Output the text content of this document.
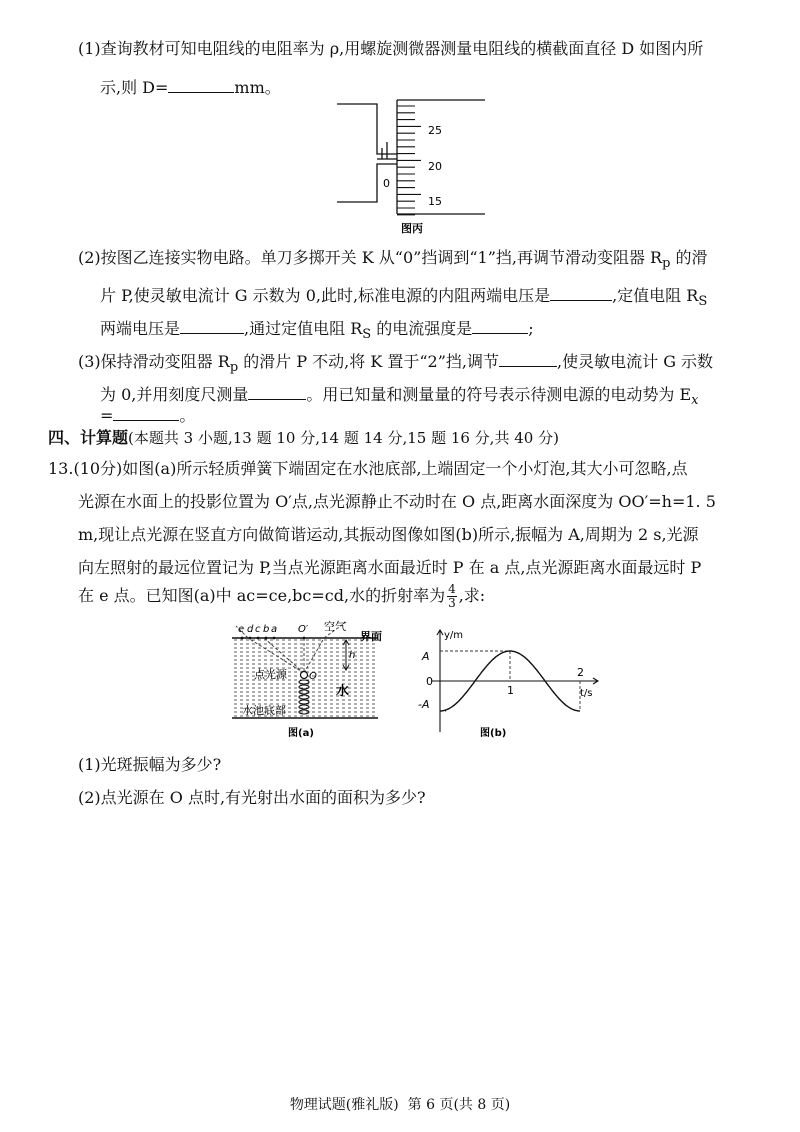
(1)查询教材可知电阻线的电阻率为 ρ,用螺旋测微器测量电阻线的横截面直径 D 如图内所
示,则 D=	mm。
25
20
15
0
图丙
(2)按图乙连接实物电路。单刀多掷开关 K 从“0”挡调到“1”挡,再调节滑动变阻器 $R_p$ 的滑
片 P,使灵敏电流计 G 示数为 0,此时,标准电源的内阻两端电压是	,定值电阻 $R_S$
两端电压是	,通过定值电阻 $R_S$ 的电流强度是	;
(3)保持滑动变阻器 $R_p$ 的滑片 P 不动,将 K 置于“2”挡,调节	,使灵敏电流计 G 示数
为 0,并用刻度尺测量	。用已知量和测量量的符号表示待测电源的电动势为 $E_x$
=	。
四、计算题(本题共 3 小题,13 题 10 分,14 题 14 分,15 题 16 分,共 40 分)
13.(10分)如图(a)所示轻质弹簧下端固定在水池底部,上端固定一个小灯泡,其大小可忽略,点
光源在水面上的投影位置为 O′点,点光源静止不动时在 O 点,距离水面深度为 OO′=h=1. 5
m,现让点光源在竖直方向做简谐运动,其振动图像如图(b)所示,振幅为 A,周期为 2 s,光源
向左照射的最远位置记为 P,当点光源距离水面最近时 P 在 a 点,点光源距离水面最远时 P
在 e 点。已知图(a)中 ac=ce,bc=cd,水的折射率为 $\frac{4}{3}$ ,求:
e d c b a O′ 空气
界面
h
点光源 O
水
水池底部
图(a)
y/m
t/s
A
-A
0
1
2
图(b)
(1)光斑振幅为多少?
(2)点光源在 O 点时,有光射出水面的面积为多少?
物理试题(雅礼版)  第 6 页(共 8 页)
